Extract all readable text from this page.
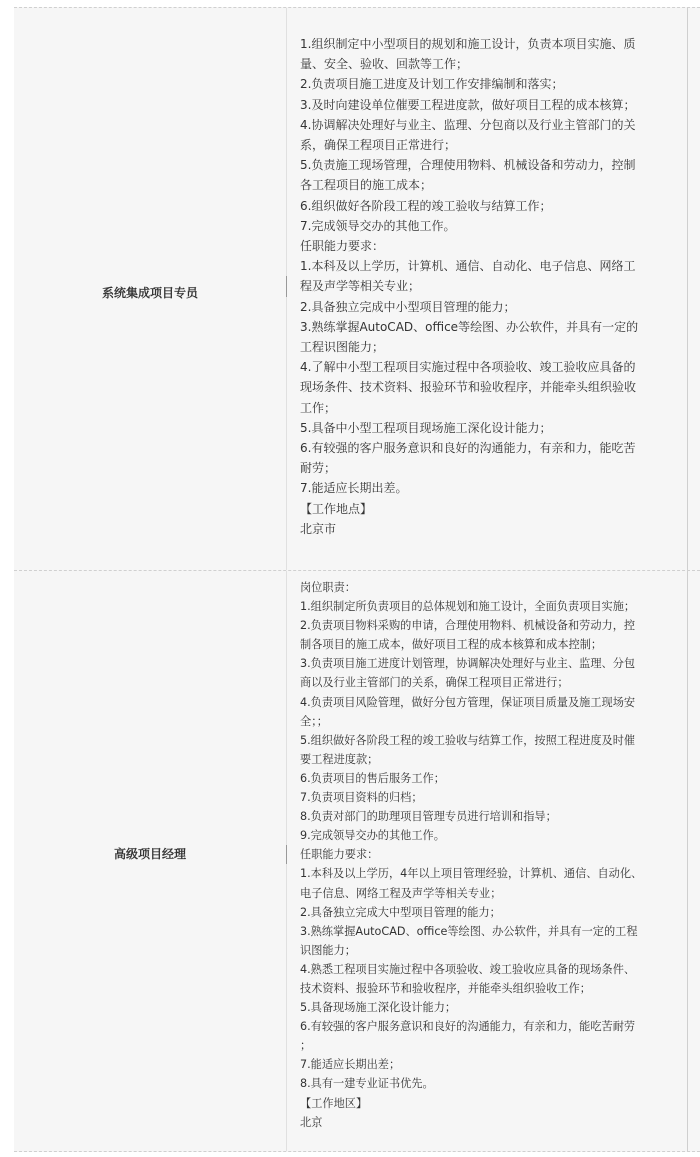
系统集成项目专员
1.组织制定中小型项目的规划和施工设计，负责本项目实施、质
量、安全、验收、回款等工作；
2.负责项目施工进度及计划工作安排编制和落实；
3.及时向建设单位催要工程进度款，做好项目工程的成本核算；
4.协调解决处理好与业主、监理、分包商以及行业主管部门的关
系，确保工程项目正常进行；
5.负责施工现场管理，合理使用物料、机械设备和劳动力，控制
各工程项目的施工成本；
6.组织做好各阶段工程的竣工验收与结算工作；
7.完成领导交办的其他工作。
任职能力要求：
1.本科及以上学历，计算机、通信、自动化、电子信息、网络工
程及声学等相关专业；
2.具备独立完成中小型项目管理的能力；
3.熟练掌握AutoCAD、office等绘图、办公软件，并具有一定的
工程识图能力；
4.了解中小型工程项目实施过程中各项验收、竣工验收应具备的
现场条件、技术资料、报验环节和验收程序，并能牵头组织验收
工作；
5.具备中小型工程项目现场施工深化设计能力；
6.有较强的客户服务意识和良好的沟通能力，有亲和力，能吃苦
耐劳；
7.能适应长期出差。
【工作地点】
北京市
高级项目经理
岗位职责：
1.组织制定所负责项目的总体规划和施工设计，全面负责项目实施；
2.负责项目物料采购的申请，合理使用物料、机械设备和劳动力，控
制各项目的施工成本，做好项目工程的成本核算和成本控制；
3.负责项目施工进度计划管理，协调解决处理好与业主、监理、分包
商以及行业主管部门的关系，确保工程项目正常进行；
4.负责项目风险管理，做好分包方管理，保证项目质量及施工现场安
全；；
5.组织做好各阶段工程的竣工验收与结算工作，按照工程进度及时催
要工程进度款；
6.负责项目的售后服务工作；
7.负责项目资料的归档；
8.负责对部门的助理项目管理专员进行培训和指导；
9.完成领导交办的其他工作。
任职能力要求：
1.本科及以上学历，4年以上项目管理经验，计算机、通信、自动化、
电子信息、网络工程及声学等相关专业；
2.具备独立完成大中型项目管理的能力；
3.熟练掌握AutoCAD、office等绘图、办公软件，并具有一定的工程
识图能力；
4.熟悉工程项目实施过程中各项验收、竣工验收应具备的现场条件、
技术资料、报验环节和验收程序，并能牵头组织验收工作；
5.具备现场施工深化设计能力；
6.有较强的客户服务意识和良好的沟通能力，有亲和力，能吃苦耐劳
；
7.能适应长期出差；
8.具有一建专业证书优先。
【工作地区】
北京
